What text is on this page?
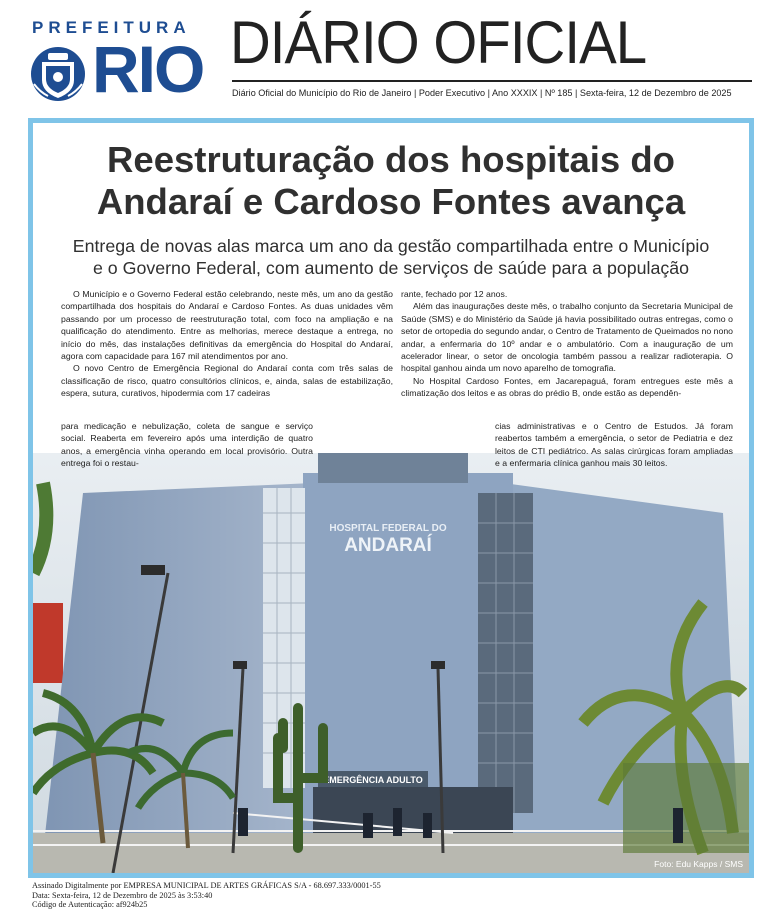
PREFEITURA
RIO DIÁRIO OFICIAL
Diário Oficial do Município do Rio de Janeiro | Poder Executivo | Ano XXXIX | Nº 185 | Sexta-feira, 12 de Dezembro de 2025
Reestruturação dos hospitais do
Andaraí e Cardoso Fontes avança
Entrega de novas alas marca um ano da gestão compartilhada entre o Município
e o Governo Federal, com aumento de serviços de saúde para a população
HOSPITAL FEDERAL DO
ANDARAÍ
EMERGÊNCIA ADULTO

O Município e o Governo Federal estão celebrando, neste mês, um ano da gestão compartilhada dos hospitais do Andaraí e Cardoso Fontes. As duas unidades vêm passando por um processo de reestruturação total, com foco na ampliação e na qualificação do atendimento. Entre as melhorias, merece destaque a entrega, no início do mês, das instalações definitivas da emergência do Hospital do Andaraí, agora com capacidade para 167 mil atendimentos por ano.

O novo Centro de Emergência Regional do Andaraí conta com três salas de classificação de risco, quatro consultórios clínicos, e, ainda, salas de estabilização, espera, sutura, curativos, hipodermia com 17 cadeiras

para medicação e nebulização, coleta de sangue e serviço social. Reaberta em fevereiro após uma interdição de quatro anos, a emergência vinha operando em local provisório. Outra entrega foi o restau-

rante, fechado por 12 anos.

Além das inaugurações deste mês, o trabalho conjunto da Secretaria Municipal de Saúde (SMS) e do Ministério da Saúde já havia possibilitado outras entregas, como o setor de ortopedia do segundo andar, o Centro de Tratamento de Queimados no nono andar, a enfermaria do 10º andar e o ambulatório. Com a inauguração de um acelerador linear, o setor de oncologia também passou a realizar radioterapia. O hospital ganhou ainda um novo aparelho de tomografia.

No Hospital Cardoso Fontes, em Jacarepaguá, foram entregues este mês a climatização dos leitos e as obras do prédio B, onde estão as dependên-

cias administrativas e o Centro de Estudos. Já foram reabertos também a emergência, o setor de Pediatria e dez leitos de CTI pediátrico. As salas cirúrgicas foram ampliadas e a enfermaria clínica ganhou mais 30 leitos.

Foto: Edu Kapps / SMS
Assinado Digitalmente por EMPRESA MUNICIPAL DE ARTES GRÁFICAS S/A - 68.697.333/0001-55
Data: Sexta-feira, 12 de Dezembro de 2025 às 3:53:40
Código de Autenticação: af924b25
